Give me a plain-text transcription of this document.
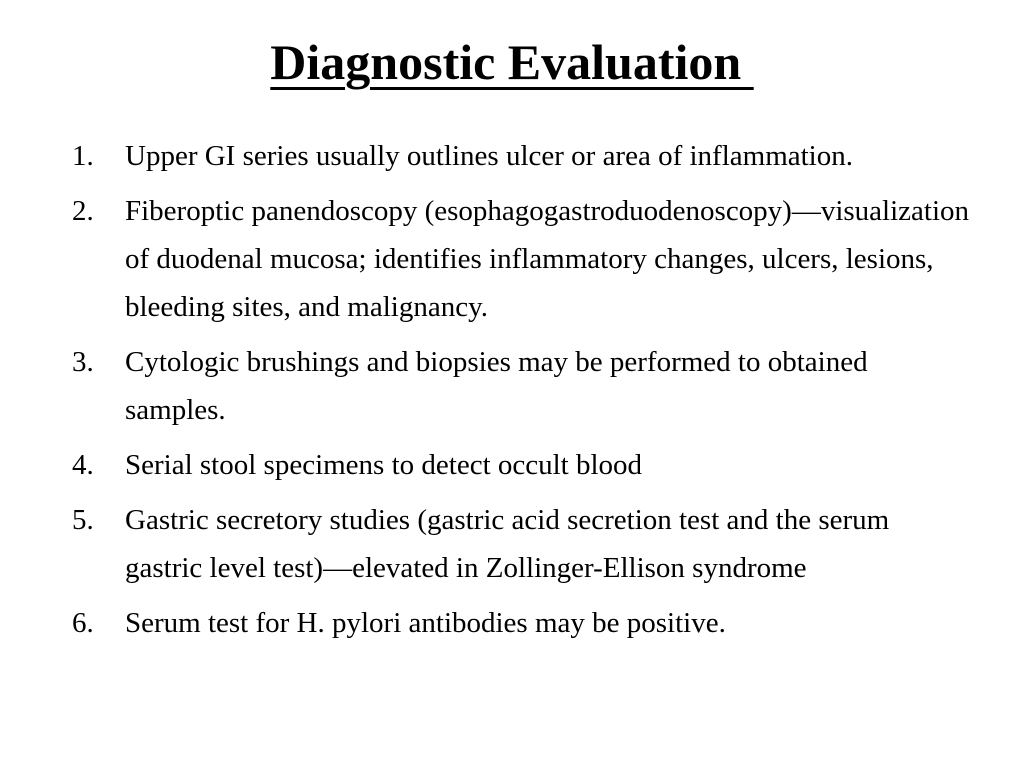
Diagnostic Evaluation
1. Upper GI series usually outlines ulcer or area of inflammation.
2. Fiberoptic panendoscopy (esophagogastroduodenoscopy)—visualization of duodenal mucosa; identifies inflammatory changes, ulcers, lesions, bleeding sites, and malignancy.
3. Cytologic brushings and biopsies may be performed to obtained samples.
4. Serial stool specimens to detect occult blood
5. Gastric secretory studies (gastric acid secretion test and the serum gastric level test)—elevated in Zollinger-Ellison syndrome
6. Serum test for H. pylori antibodies may be positive.
